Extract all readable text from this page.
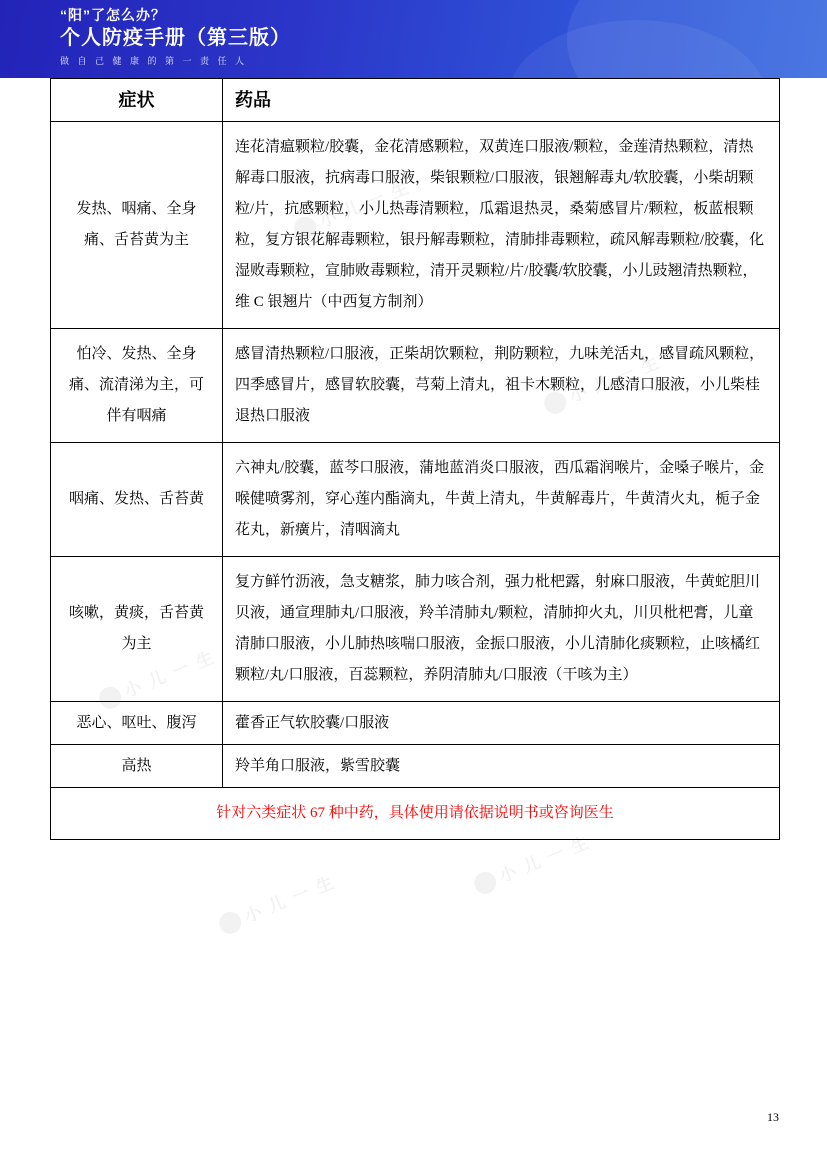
“阳”了怎么办？
个人防疫手册（第三版）
做 自 己 健 康 的 第 一 责 任 人
小 儿 一 生
小 儿 一 生
小 儿 一 生
小 儿 一 生
小 儿 一 生
症状	药品
发热、咽痛、全身痛、舌苔黄为主	连花清瘟颗粒/胶囊，金花清感颗粒，双黄连口服液/颗粒，金莲清热颗粒，清热解毒口服液，抗病毒口服液，柴银颗粒/口服液，银翘解毒丸/软胶囊，小柴胡颗粒/片，抗感颗粒，小儿热毒清颗粒，瓜霜退热灵，桑菊感冒片/颗粒，板蓝根颗粒，复方银花解毒颗粒，银丹解毒颗粒，清肺排毒颗粒，疏风解毒颗粒/胶囊，化湿败毒颗粒，宣肺败毒颗粒，清开灵颗粒/片/胶囊/软胶囊，小儿豉翘清热颗粒，维 C 银翘片（中西复方制剂）
怕冷、发热、全身痛、流清涕为主，可伴有咽痛	感冒清热颗粒/口服液，正柴胡饮颗粒，荆防颗粒，九味羌活丸，感冒疏风颗粒，四季感冒片，感冒软胶囊，芎菊上清丸，祖卡木颗粒，儿感清口服液，小儿柴桂退热口服液
咽痛、发热、舌苔黄	六神丸/胶囊，蓝芩口服液，蒲地蓝消炎口服液，西瓜霜润喉片，金嗓子喉片，金喉健喷雾剂，穿心莲内酯滴丸，牛黄上清丸，牛黄解毒片，牛黄清火丸，栀子金花丸，新癀片，清咽滴丸
咳嗽，黄痰，舌苔黄为主	复方鲜竹沥液，急支糖浆，肺力咳合剂，强力枇杷露，射麻口服液，牛黄蛇胆川贝液，通宣理肺丸/口服液，羚羊清肺丸/颗粒，清肺抑火丸，川贝枇杷膏，儿童清肺口服液，小儿肺热咳喘口服液，金振口服液，小儿清肺化痰颗粒，止咳橘红颗粒/丸/口服液，百蕊颗粒，养阴清肺丸/口服液（干咳为主）
恶心、呕吐、腹泻	藿香正气软胶囊/口服液
高热	羚羊角口服液，紫雪胶囊
针对六类症状 67 种中药，具体使用请依据说明书或咨询医生	
13
